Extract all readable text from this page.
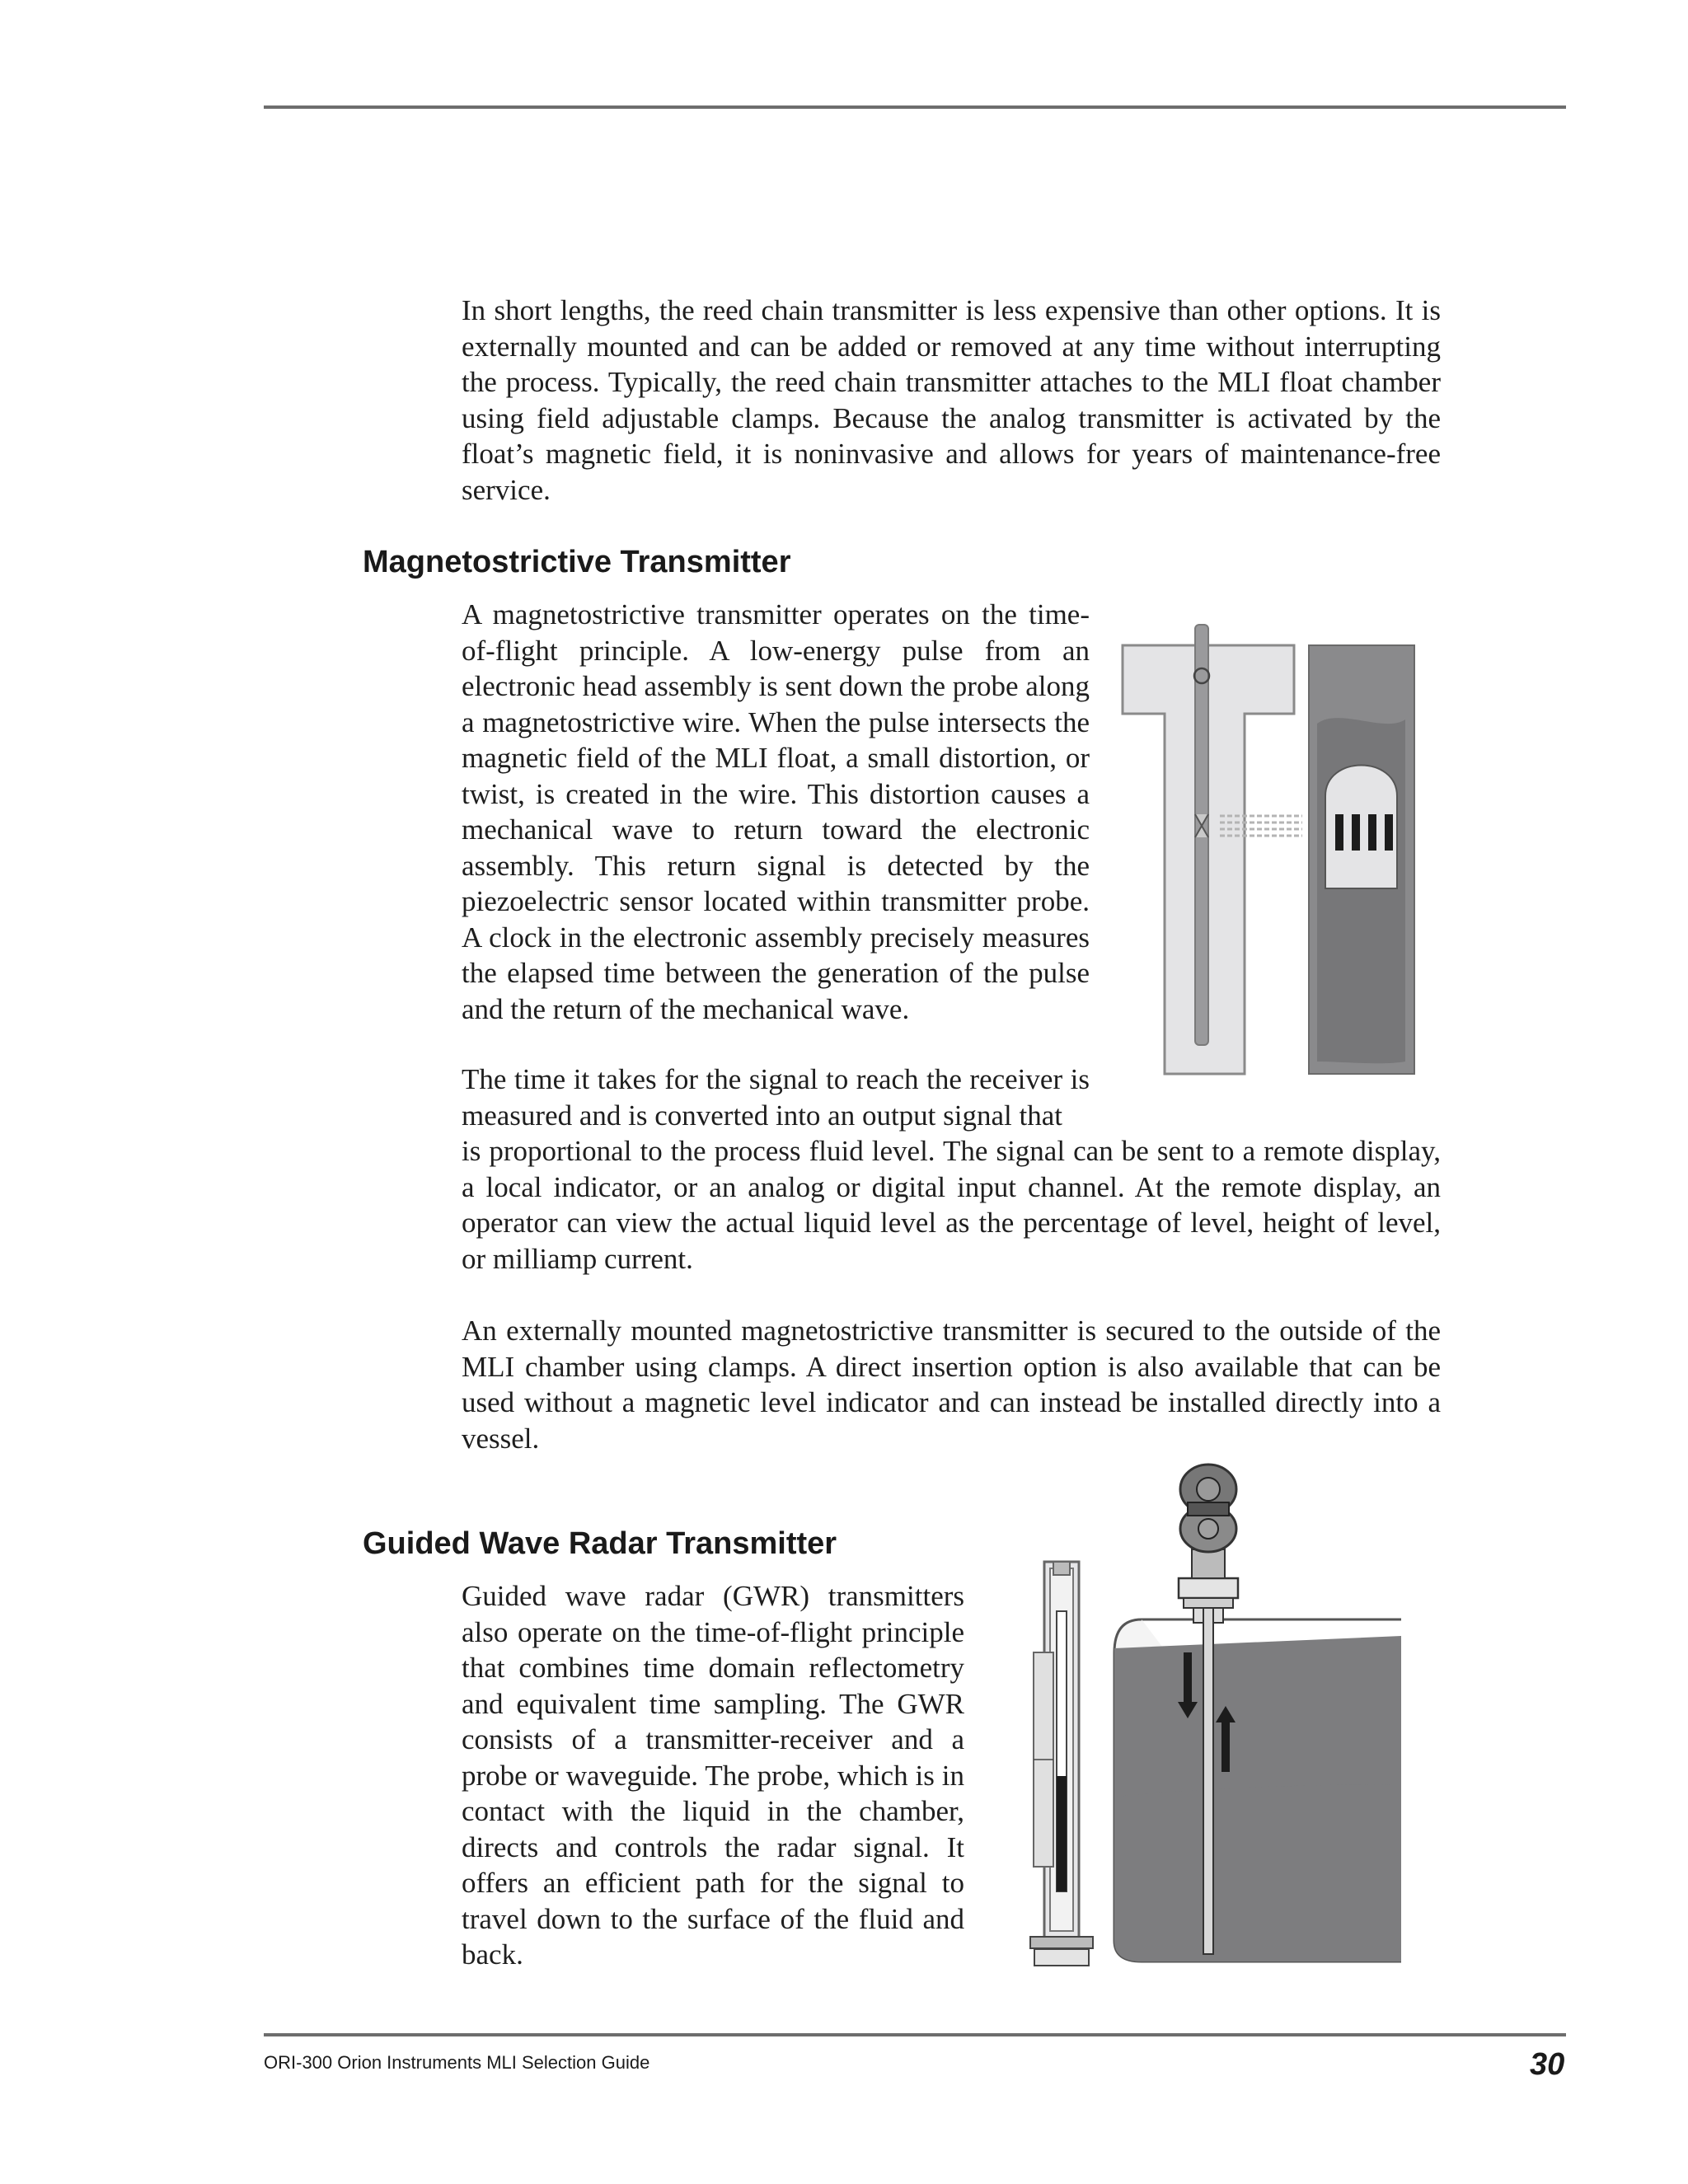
In short lengths, the reed chain transmitter is less expensive than other options. It is externally mounted and can be added or removed at any time without interrupting the process. Typically, the reed chain transmitter attaches to the MLI float chamber using field adjustable clamps. Because the analog transmitter is activated by the float’s magnetic field, it is noninvasive and allows for years of maintenance-free service.

Magnetostrictive Transmitter

A magnetostrictive transmitter operates on the time-of-flight principle. A low-energy pulse from an electronic head assembly is sent down the probe along a magnetostrictive wire. When the pulse intersects the magnetic field of the MLI float, a small distortion, or twist, is created in the wire. This distortion causes a mechanical wave to return toward the electronic assembly. This return signal is detected by the piezoelectric sensor located within transmitter probe. A clock in the electronic assembly precisely measures the elapsed time between the generation of the pulse and the return of the mechanical wave.

The time it takes for the signal to reach the receiver is measured and is converted into an output signal that

is proportional to the process fluid level. The signal can be sent to a remote display, a local indicator, or an analog or digital input channel. At the remote display, an operator can view the actual liquid level as the percentage of level, height of level, or milliamp current.

An externally mounted magnetostrictive transmitter is secured to the outside of the MLI chamber using clamps. A direct insertion option is also available that can be used without a magnetic level indicator and can instead be installed directly into a vessel.

Guided Wave Radar Transmitter

Guided wave radar (GWR) transmitters also operate on the time-of-flight principle that combines time domain reflectometry and equivalent time sampling. The GWR consists of a transmitter-receiver and a probe or waveguide. The probe, which is in contact with the liquid in the chamber, directs and controls the radar signal. It offers an efficient path for the signal to travel down to the surface of the fluid and back.

ORI-300 Orion Instruments MLI Selection Guide	30
